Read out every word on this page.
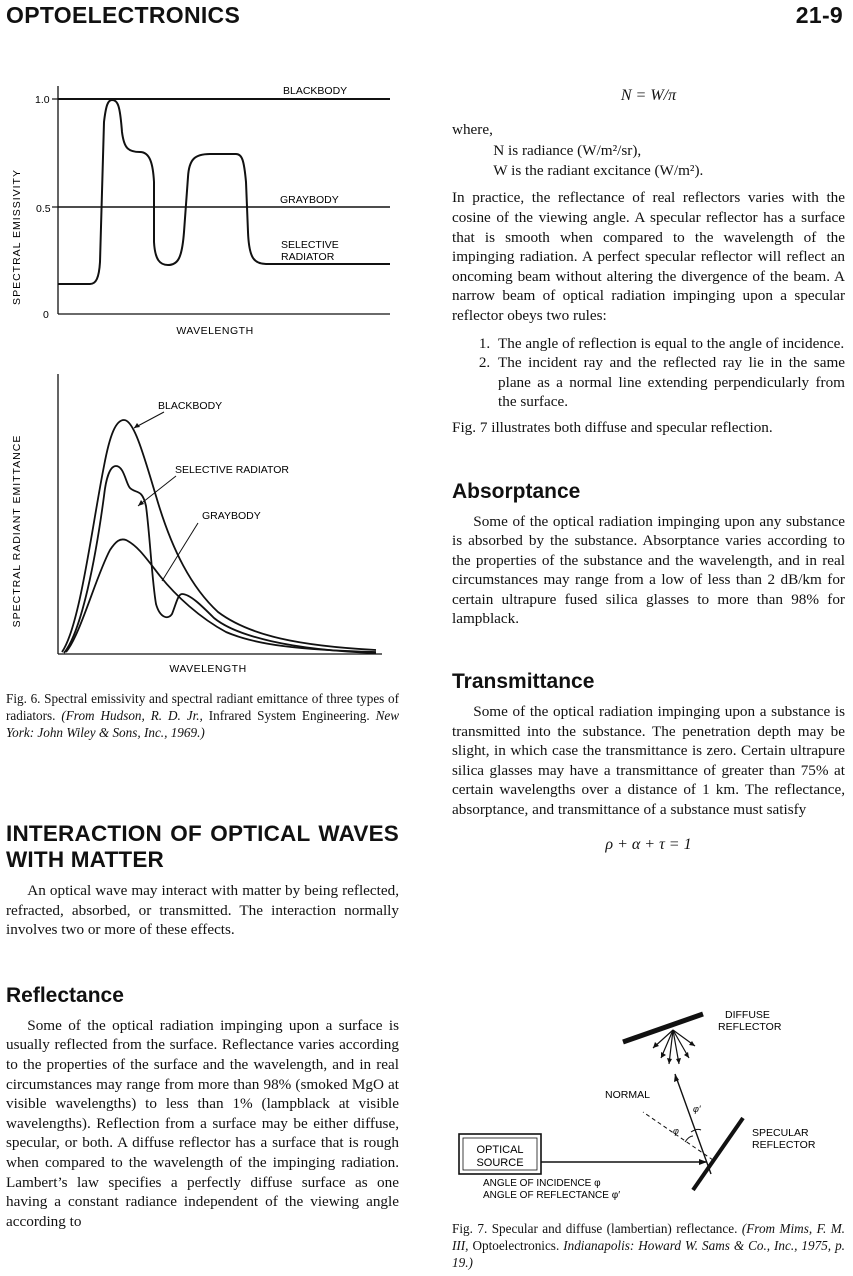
OPTOELECTRONICS	21-9
SPECTRAL EMISSIVITY
1.0
0.5
0
BLACKBODY
GRAYBODY
SELECTIVE
RADIATOR
WAVELENGTH
SPECTRAL RADIANT EMITTANCE
BLACKBODY
SELECTIVE RADIATOR
GRAYBODY
WAVELENGTH
Fig. 6. Spectral emissivity and spectral radiant emittance of three types of radiators. (From Hudson, R. D. Jr., Infrared System Engineering. New York: John Wiley & Sons, Inc., 1969.)
INTERACTION OF OPTICAL WAVES WITH MATTER

An optical wave may interact with matter by being reflected, refracted, absorbed, or transmitted. The interaction normally involves two or more of these effects.

Reflectance

Some of the optical radiation impinging upon a surface is usually reflected from the surface. Reflectance varies according to the properties of the surface and the wavelength, and in real circumstances may range from more than 98% (smoked MgO at visible wavelengths) to less than 1% (lampblack at visible wavelengths). Reflection from a surface may be either diffuse, specular, or both. A diffuse reflector has a surface that is rough when compared to the wavelength of the impinging radiation. Lambert’s law specifies a perfectly diffuse surface as one having a constant radiance independent of the viewing angle according to

N = W/π

where,

N is radiance (W/m²/sr),

W is the radiant excitance (W/m²).

In practice, the reflectance of real reflectors varies with the cosine of the viewing angle. A specular reflector has a surface that is smooth when compared to the wavelength of the impinging radiation. A perfect specular reflector will reflect an oncoming beam without altering the divergence of the beam. A narrow beam of optical radiation impinging upon a specular reflector obeys two rules:

1. The angle of reflection is equal to the angle of incidence.
2. The incident ray and the reflected ray lie in the same plane as a normal line extending perpendicularly from the surface.

Fig. 7 illustrates both diffuse and specular reflection.

Absorptance

Some of the optical radiation impinging upon any substance is absorbed by the substance. Absorptance varies according to the properties of the substance and the wavelength, and in real circumstances may range from a low of less than 2 dB/km for certain ultrapure fused silica glasses to more than 98% for lampblack.

Transmittance

Some of the optical radiation impinging upon a substance is transmitted into the substance. The penetration depth may be slight, in which case the transmittance is zero. Certain ultrapure silica glasses may have a transmittance of greater than 75% at certain wavelengths over a distance of 1 km. The reflectance, absorptance, and transmittance of a substance must satisfy

ρ + α + τ = 1
φ
φ′
OPTICAL
SOURCE
DIFFUSE
REFLECTOR
NORMAL
SPECULAR
REFLECTOR
ANGLE OF INCIDENCE φ
ANGLE OF REFLECTANCE φ′
Fig. 7. Specular and diffuse (lambertian) reflectance. (From Mims, F. M. III, Optoelectronics. Indianapolis: Howard W. Sams & Co., Inc., 1975, p. 19.)
